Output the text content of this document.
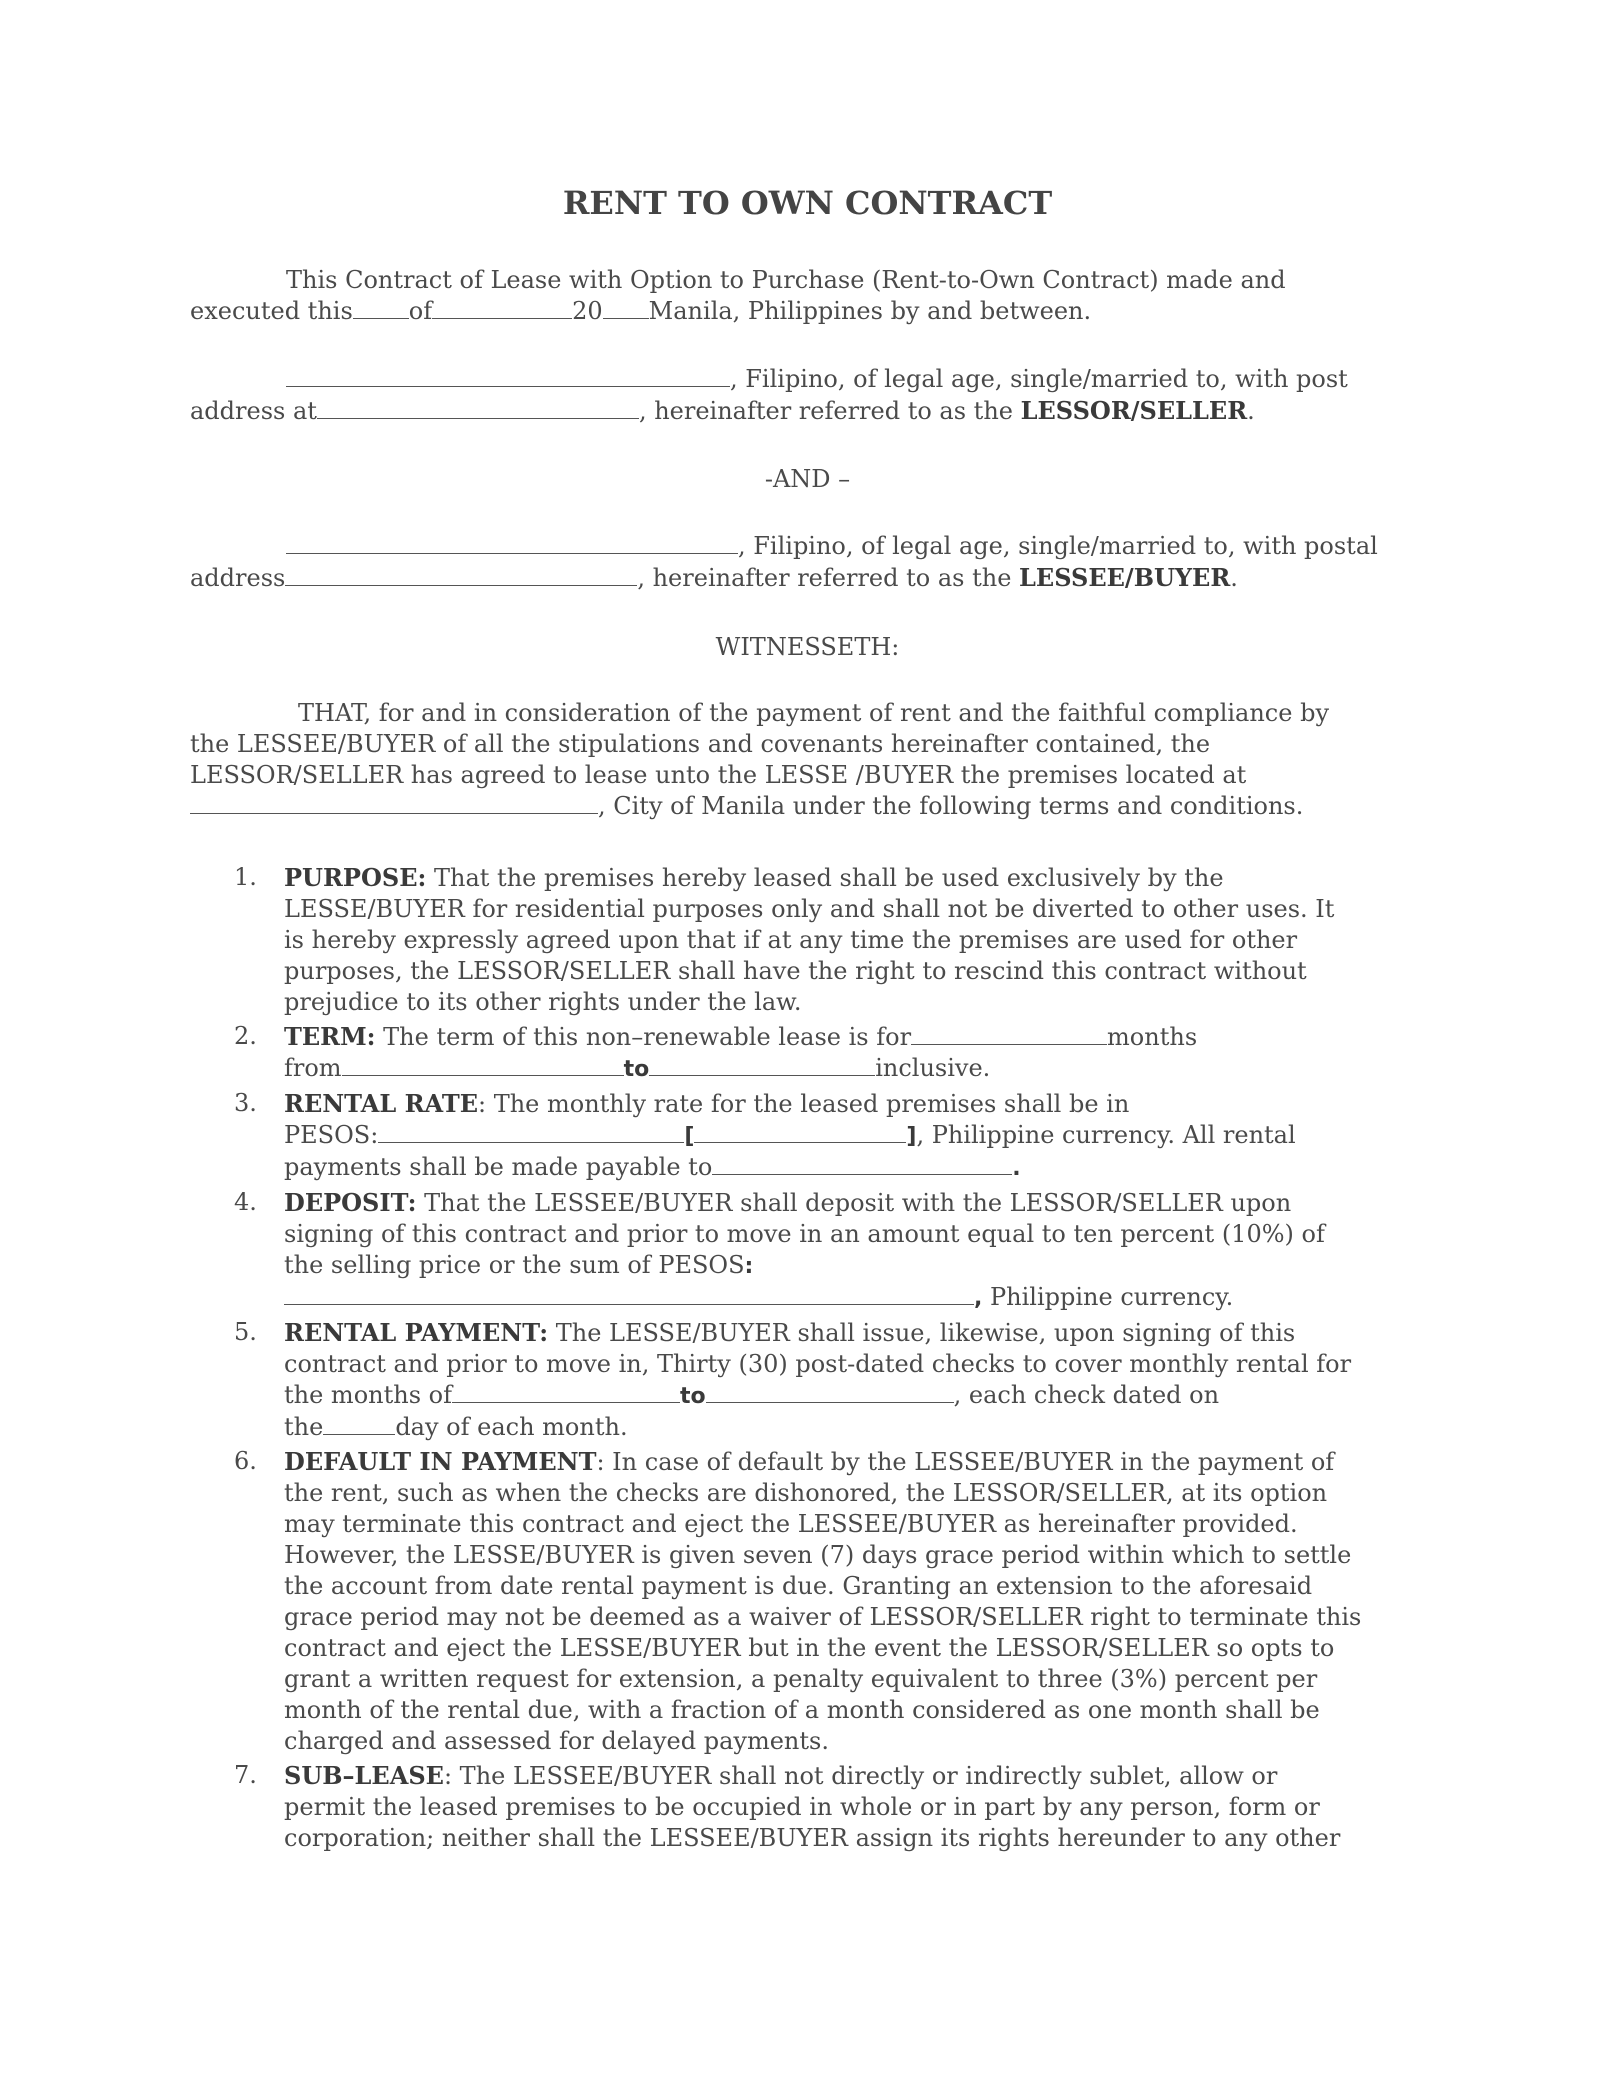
RENT TO OWN CONTRACT
This Contract of Lease with Option to Purchase (Rent-to-Own Contract) made and
executed this of	20 Manila, Philippines by and between.
, Filipino, of legal age, single/married to, with post
address at	, hereinafter referred to as the LESSOR/SELLER.
-AND –
, Filipino, of legal age, single/married to, with postal
address	, hereinafter referred to as the LESSEE/BUYER.
WITNESSETH:
THAT, for and in consideration of the payment of rent and the faithful compliance by
the LESSEE/BUYER of all the stipulations and covenants hereinafter contained, the
LESSOR/SELLER has agreed to lease unto the LESSE /BUYER the premises located at
, City of Manila under the following terms and conditions.
1. PURPOSE: That the premises hereby leased shall be used exclusively by the
LESSE/BUYER for residential purposes only and shall not be diverted to other uses. It
is hereby expressly agreed upon that if at any time the premises are used for other
purposes, the LESSOR/SELLER shall have the right to rescind this contract without
prejudice to its other rights under the law.
2. TERM: The term of this non–renewable lease is for	months
from	to	inclusive.
3. RENTAL RATE: The monthly rate for the leased premises shall be in
PESOS:	[	], Philippine currency. All rental
payments shall be made payable to	.
4. DEPOSIT: That the LESSEE/BUYER shall deposit with the LESSOR/SELLER upon
signing of this contract and prior to move in an amount equal to ten percent (10%) of
the selling price or the sum of PESOS:
, Philippine currency.
5. RENTAL PAYMENT: The LESSE/BUYER shall issue, likewise, upon signing of this
contract and prior to move in, Thirty (30) post-dated checks to cover monthly rental for
the months of	to	, each check dated on
the	day of each month.
6. DEFAULT IN PAYMENT: In case of default by the LESSEE/BUYER in the payment of
the rent, such as when the checks are dishonored, the LESSOR/SELLER, at its option
may terminate this contract and eject the LESSEE/BUYER as hereinafter provided.
However, the LESSE/BUYER is given seven (7) days grace period within which to settle
the account from date rental payment is due. Granting an extension to the aforesaid
grace period may not be deemed as a waiver of LESSOR/SELLER right to terminate this
contract and eject the LESSE/BUYER but in the event the LESSOR/SELLER so opts to
grant a written request for extension, a penalty equivalent to three (3%) percent per
month of the rental due, with a fraction of a month considered as one month shall be
charged and assessed for delayed payments.
7. SUB–LEASE: The LESSEE/BUYER shall not directly or indirectly sublet, allow or
permit the leased premises to be occupied in whole or in part by any person, form or
corporation; neither shall the LESSEE/BUYER assign its rights hereunder to any other
